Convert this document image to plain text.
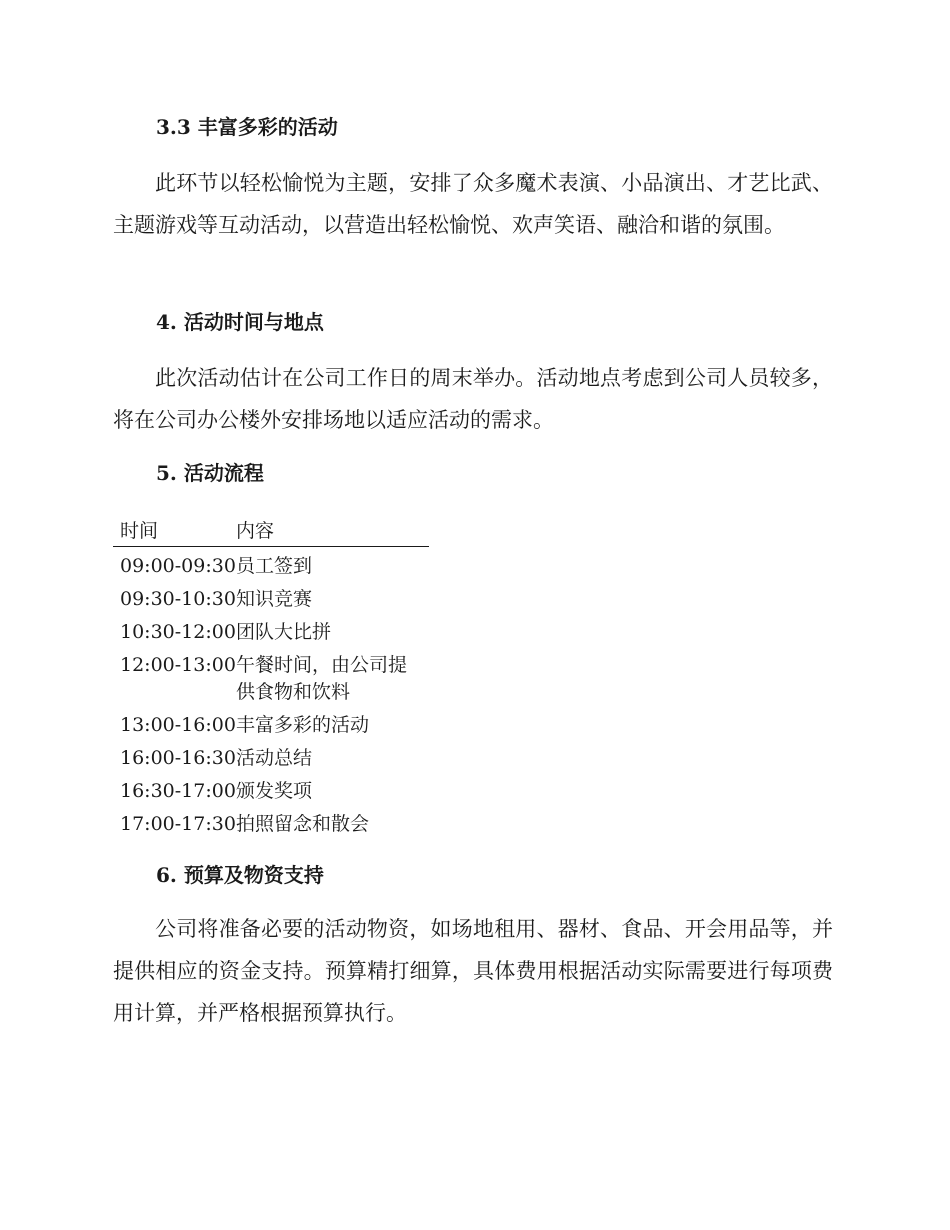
3.3 丰富多彩的活动

此环节以轻松愉悦为主题，安排了众多魔术表演、小品演出、才艺比武、主题游戏等互动活动，以营造出轻松愉悦、欢声笑语、融洽和谐的氛围。

4. 活动时间与地点

此次活动估计在公司工作日的周末举办。活动地点考虑到公司人员较多，将在公司办公楼外安排场地以适应活动的需求。

5. 活动流程
时间	内容
09:00-09:30 员工签到
09:30-10:30 知识竞赛
10:30-12:00 团队大比拼
12:00-13:00 午餐时间，由公司提供食物和饮料
13:00-16:00 丰富多彩的活动
16:00-16:30 活动总结
16:30-17:00 颁发奖项
17:00-17:30 拍照留念和散会
6. 预算及物资支持

公司将准备必要的活动物资，如场地租用、器材、食品、开会用品等，并提供相应的资金支持。预算精打细算，具体费用根据活动实际需要进行每项费用计算，并严格根据预算执行。
